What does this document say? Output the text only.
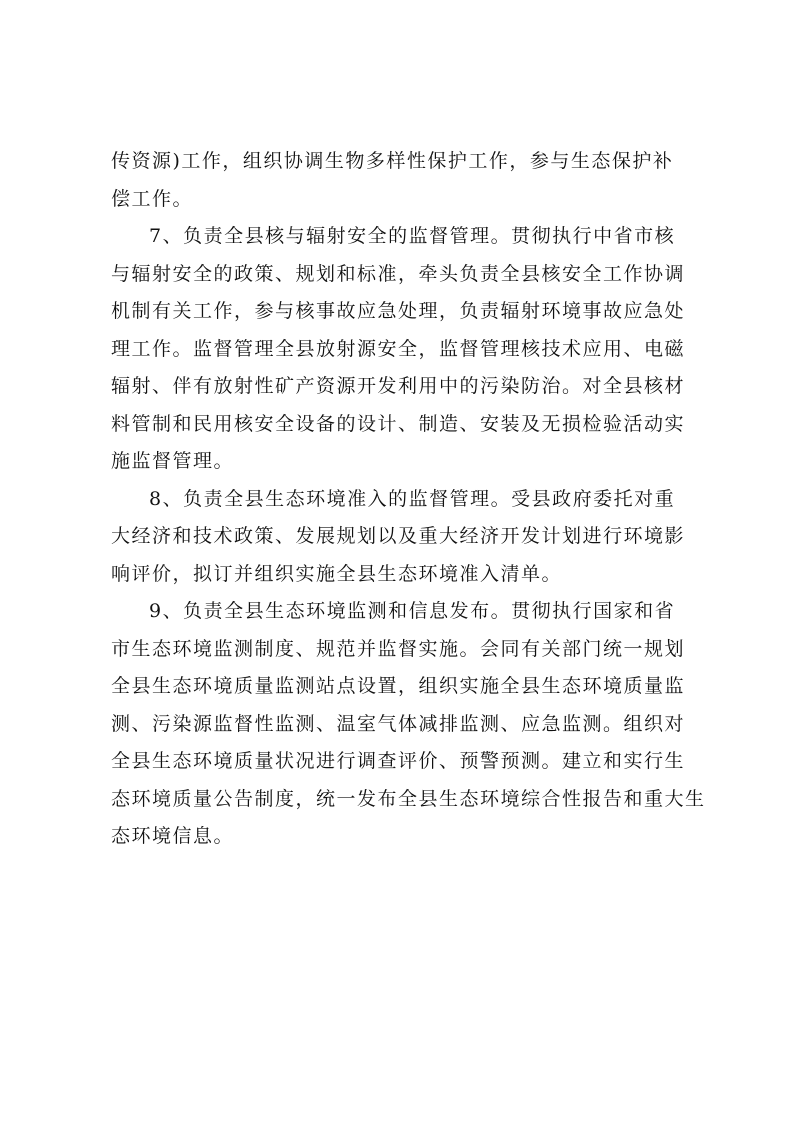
传资源)工作，组织协调生物多样性保护工作，参与生态保护补
偿工作。
7、负责全县核与辐射安全的监督管理。贯彻执行中省市核
与辐射安全的政策、规划和标准，牵头负责全县核安全工作协调
机制有关工作，参与核事故应急处理，负责辐射环境事故应急处
理工作。监督管理全县放射源安全，监督管理核技术应用、电磁
辐射、伴有放射性矿产资源开发利用中的污染防治。对全县核材
料管制和民用核安全设备的设计、制造、安装及无损检验活动实
施监督管理。
8、负责全县生态环境准入的监督管理。受县政府委托对重
大经济和技术政策、发展规划以及重大经济开发计划进行环境影
响评价，拟订并组织实施全县生态环境准入清单。
9、负责全县生态环境监测和信息发布。贯彻执行国家和省
市生态环境监测制度、规范并监督实施。会同有关部门统一规划
全县生态环境质量监测站点设置，组织实施全县生态环境质量监
测、污染源监督性监测、温室气体减排监测、应急监测。组织对
全县生态环境质量状况进行调查评价、预警预测。建立和实行生
态环境质量公告制度，统一发布全县生态环境综合性报告和重大生
态环境信息。
